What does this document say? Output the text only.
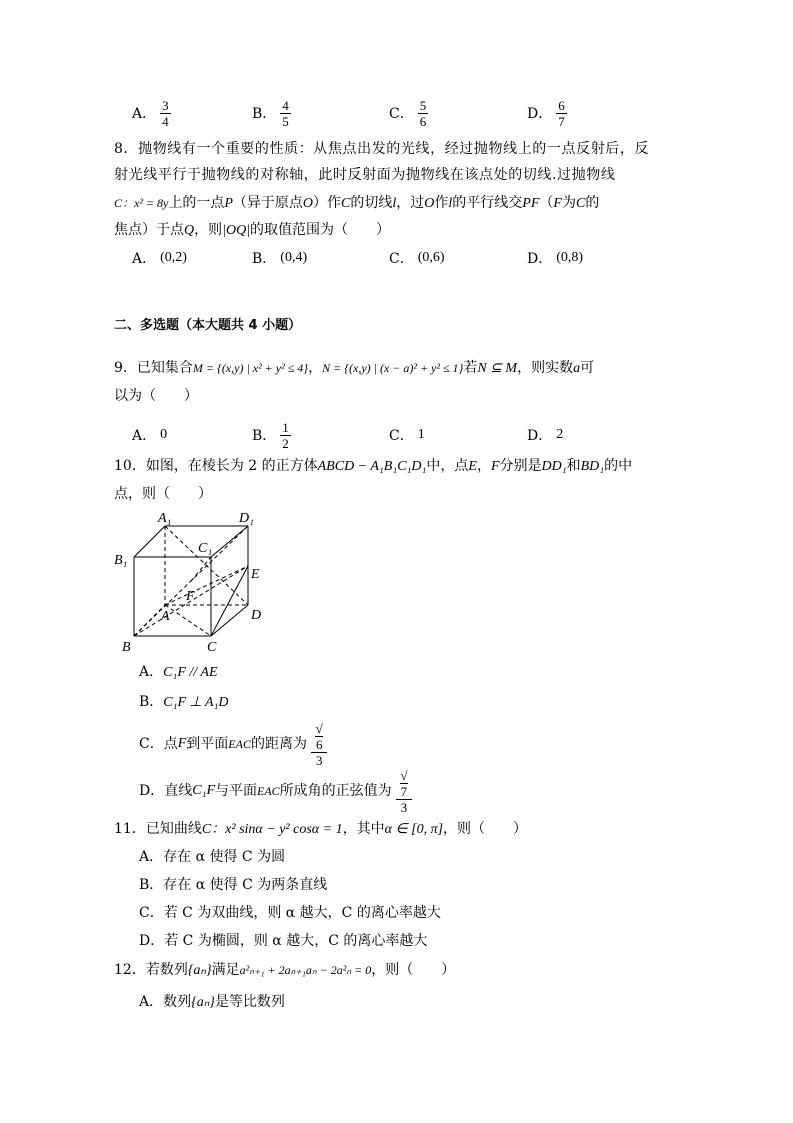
A． $\frac{3}{4}$	B． $\frac{4}{5}$	C． $\frac{5}{6}$	D． $\frac{6}{7}$
8．抛物线有一个重要的性质：从焦点出发的光线，经过抛物线上的一点反射后，反
射光线平行于抛物线的对称轴，此时反射面为抛物线在该点处的切线.过抛物线
C：x² = 8y上的一点P（异于原点O）作C的切线l，过O作l的平行线交PF（F为C的
焦点）于点Q，则|OQ|的取值范围为（　　）
A． (0,2)	B． (0,4)	C． (0,6)	D． (0,8)
二、多选题（本大题共 4 小题）
9．已知集合M = {(x,y) | x² + y² ≤ 4}，N = {(x,y) | (x − a)² + y² ≤ 1}若N ⊆ M，则实数a可
以为（　　）
A． 0	B． $\frac{1}{2}$	C． 1	D． 2
10．如图，在棱长为 2 的正方体ABCD − A₁B₁C₁D₁中，点E，F分别是DD₁和BD₁的中
点，则（　　）
A₁	D₁
B₁
C₁
E
F
A	D
B	C
A．C₁F // AE
B．C₁F ⊥ A₁D
C． 点 F 到平面 EAC 的距离为 √
6
3
D． 直线 C₁F 与平面 EAC 所成角的正弦值为 √
7
3
11．已知曲线C：x² sinα − y² cosα = 1，其中α ∈ [0, π]，则（　　）
A．存在 α 使得 C 为圆
B．存在 α 使得 C 为两条直线
C．若 C 为双曲线，则 α 越大，C 的离心率越大
D．若 C 为椭圆，则 α 越大，C 的离心率越大
12．若数列{aₙ}满足a²ₙ₊₁ + 2aₙ₊₁aₙ − 2a²ₙ = 0，则（　　）
A．数列{aₙ}是等比数列
